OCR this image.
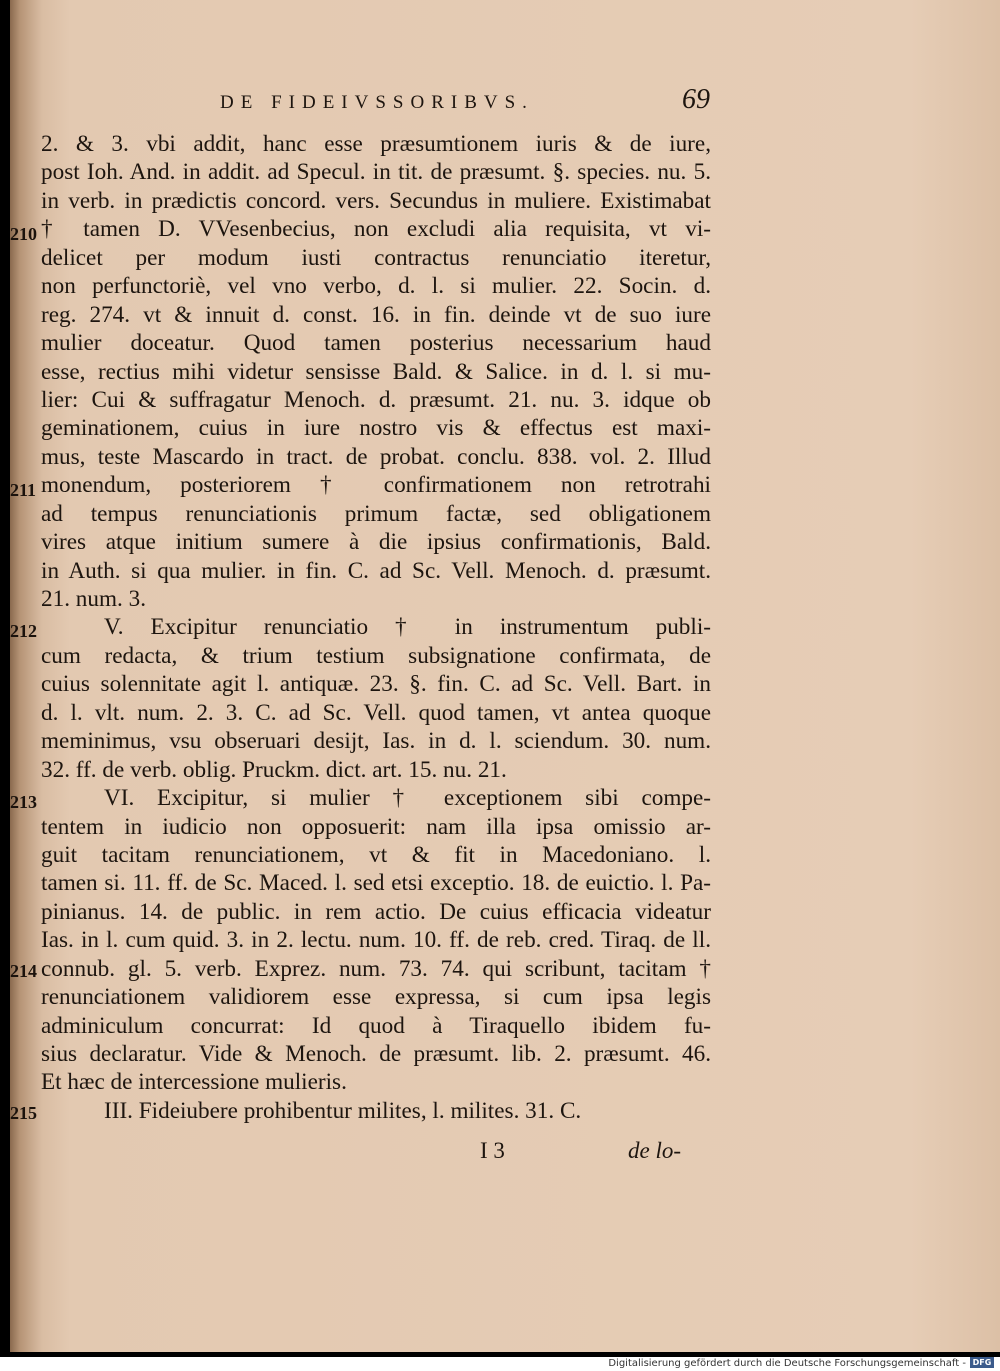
DE FIDEIVSSORIBVS.	69
2. & 3. vbi addit, hanc esse præsumtionem iuris & de iure,
post Ioh. And. in addit. ad Specul. in tit. de præsumt. §. species. nu. 5.
in verb. in prædictis concord. vers. Secundus in muliere. Existimabat
† tamen D. VVesenbecius, non excludi alia requisita, vt vi-
delicet per modum iusti contractus renunciatio iteretur,
non perfunctoriè, vel vno verbo, d. l. si mulier. 22. Socin. d.
reg. 274. vt & innuit d. const. 16. in fin. deinde vt de suo iure
mulier doceatur. Quod tamen posterius necessarium haud
esse, rectius mihi videtur sensisse Bald. & Salice. in d. l. si mu-
lier: Cui & suffragatur Menoch. d. præsumt. 21. nu. 3. idque ob
geminationem, cuius in iure nostro vis & effectus est maxi-
mus, teste Mascardo in tract. de probat. conclu. 838. vol. 2. Illud
monendum, posteriorem † confirmationem non retrotrahi
ad tempus renunciationis primum factæ, sed obligationem
vires atque initium sumere à die ipsius confirmationis, Bald.
in Auth. si qua mulier. in fin. C. ad Sc. Vell. Menoch. d. præsumt.
21. num. 3.
V. Excipitur renunciatio † in instrumentum publi-
cum redacta, & trium testium subsignatione confirmata, de
cuius solennitate agit l. antiquæ. 23. §. fin. C. ad Sc. Vell. Bart. in
d. l. vlt. num. 2. 3. C. ad Sc. Vell. quod tamen, vt antea quoque
meminimus, vsu obseruari desijt, Ias. in d. l. sciendum. 30. num.
32. ff. de verb. oblig. Pruckm. dict. art. 15. nu. 21.
VI. Excipitur, si mulier † exceptionem sibi compe-
tentem in iudicio non opposuerit: nam illa ipsa omissio ar-
guit tacitam renunciationem, vt & fit in Macedoniano. l.
tamen si. 11. ff. de Sc. Maced. l. sed etsi exceptio. 18. de euictio. l. Pa-
pinianus. 14. de public. in rem actio. De cuius efficacia videatur
Ias. in l. cum quid. 3. in 2. lectu. num. 10. ff. de reb. cred. Tiraq. de ll.
connub. gl. 5. verb. Exprez. num. 73. 74. qui scribunt, tacitam †
renunciationem validiorem esse expressa, si cum ipsa legis
adminiculum concurrat: Id quod à Tiraquello ibidem fu-
sius declaratur. Vide & Menoch. de præsumt. lib. 2. præsumt. 46.
Et hæc de intercessione mulieris.
III. Fideiubere prohibentur milites, l. milites. 31. C.
210
211
212
213
214
215
I 3	de lo-
Digitalisierung gefördert durch die Deutsche Forschungsgemeinschaft - DFG
